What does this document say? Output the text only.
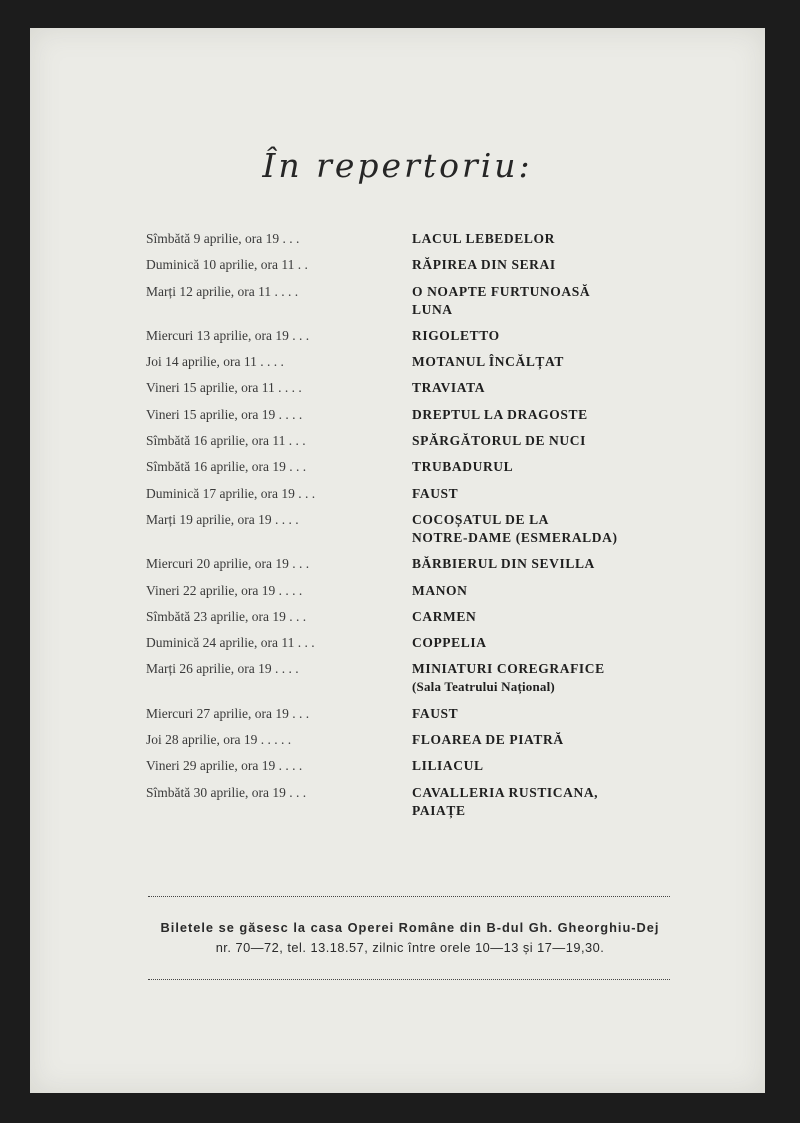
În repertoriu:
Sîmbătă 9 aprilie, ora 19 . . .	LACUL LEBEDELOR
Duminică 10 aprilie, ora 11 . .	RĂPIREA DIN SERAI
Marți 12 aprilie, ora 11 . . . .	O NOAPTE FURTUNOASĂ
LUNA
Miercuri 13 aprilie, ora 19 . . .	RIGOLETTO
Joi 14 aprilie, ora 11 . . . .	MOTANUL ÎNCĂLȚAT
Vineri 15 aprilie, ora 11 . . . .	TRAVIATA
Vineri 15 aprilie, ora 19 . . . .	DREPTUL LA DRAGOSTE
Sîmbătă 16 aprilie, ora 11 . . .	SPĂRGĂTORUL DE NUCI
Sîmbătă 16 aprilie, ora 19 . . .	TRUBADURUL
Duminică 17 aprilie, ora 19 . . .	FAUST
Marți 19 aprilie, ora 19 . . . .	COCOȘATUL DE LA
NOTRE-DAME (ESMERALDA)
Miercuri 20 aprilie, ora 19 . . .	BĂRBIERUL DIN SEVILLA
Vineri 22 aprilie, ora 19 . . . .	MANON
Sîmbătă 23 aprilie, ora 19 . . .	CARMEN
Duminică 24 aprilie, ora 11 . . .	COPPELIA
Marți 26 aprilie, ora 19 . . . .	MINIATURI COREGRAFICE
(Sala Teatrului Național)
Miercuri 27 aprilie, ora 19 . . .	FAUST
Joi 28 aprilie, ora 19 . . . . .	FLOAREA DE PIATRĂ
Vineri 29 aprilie, ora 19 . . . .	LILIACUL
Sîmbătă 30 aprilie, ora 19 . . .	CAVALLERIA RUSTICANA,
PAIAȚE
Biletele se găsesc la casa Operei Române din B-dul Gh. Gheorghiu-Dej
nr. 70—72, tel. 13.18.57, zilnic între orele 10—13 și 17—19,30.
